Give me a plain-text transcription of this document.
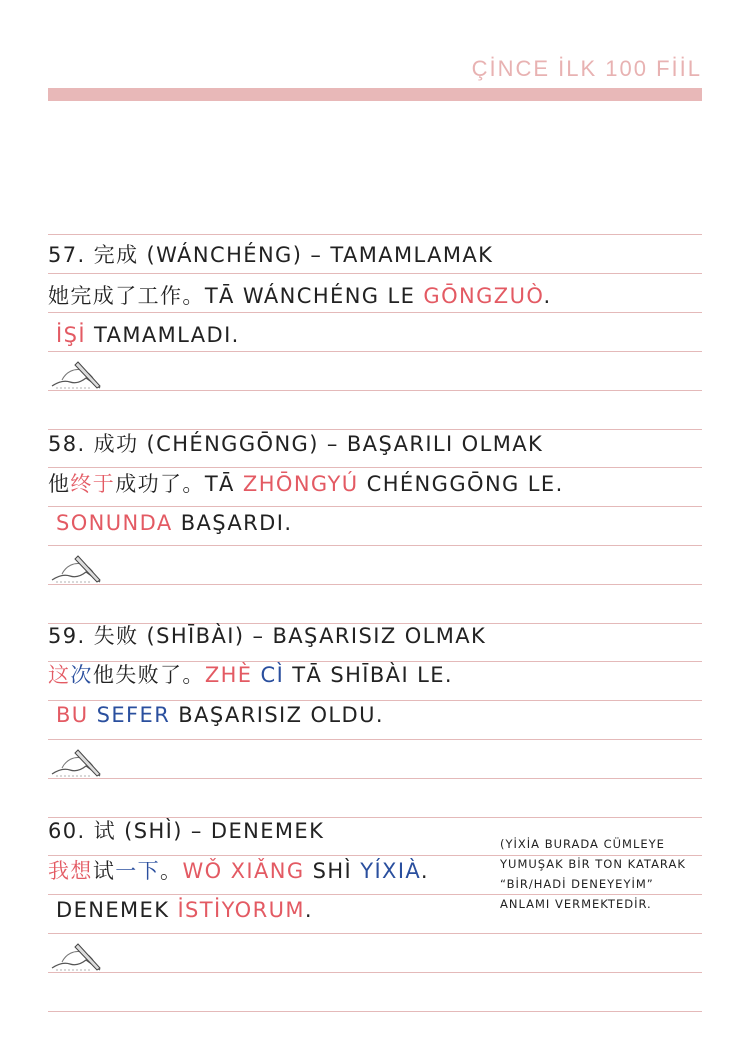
ÇİNCE İLK 100 FİİL
57. 完成 (WÁNCHÉNG) – TAMAMLAMAK
她完成了工作。TĀ WÁNCHÉNG LE GŌNGZUÒ.
İŞİ TAMAMLADI.
58. 成功 (CHÉNGGŌNG) – BAŞARILI OLMAK
他终于成功了。TĀ ZHŌNGYÚ CHÉNGGŌNG LE.
SONUNDA BAŞARDI.
59. 失败 (SHĪBÀI) – BAŞARISIZ OLMAK
这次他失败了。ZHÈ CÌ TĀ SHĪBÀI LE.
BU SEFER BAŞARISIZ OLDU.
60. 试 (SHÌ) – DENEMEK
我想试一下。WǑ XIǍNG SHÌ YÍXIÀ.
DENEMEK İSTİYORUM.
(YİXİA BURADA CÜMLEYE
YUMUŞAK BİR TON KATARAK
“BİR/HADİ DENEYEYİM”
ANLAMI VERMEKTEDİR.
